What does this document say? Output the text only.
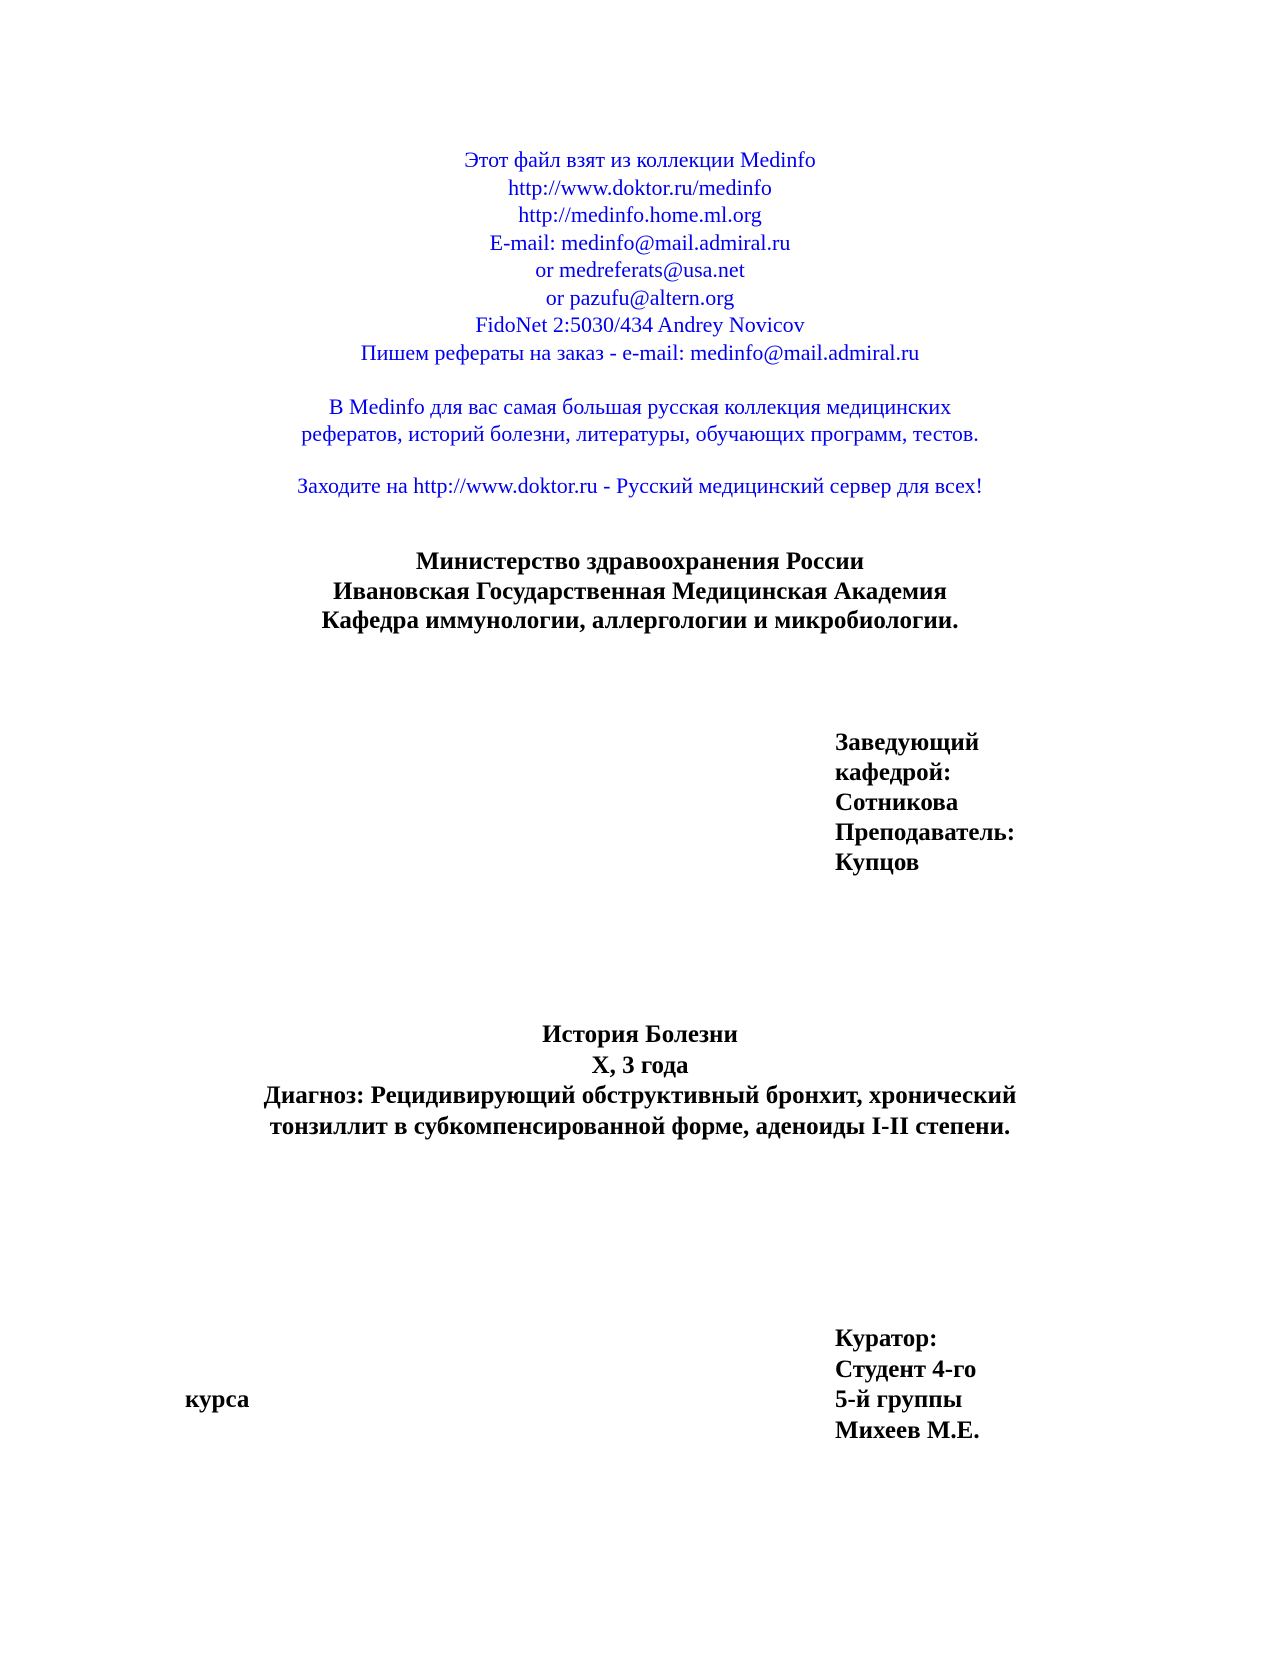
Этот файл взят из коллекции Medinfo
http://www.doktor.ru/medinfo
http://medinfo.home.ml.org
E-mail: medinfo@mail.admiral.ru
or medreferats@usa.net
or pazufu@altern.org
FidoNet 2:5030/434 Andrey Novicov
Пишем рефераты на заказ - e-mail: medinfo@mail.admiral.ru
В Medinfo для вас самая большая русская коллекция медицинских
рефератов, историй болезни, литературы, обучающих программ, тестов.
Заходите на http://www.doktor.ru - Русский медицинский сервер для всех!
Министерство здравоохранения России
Ивановская Государственная Медицинская Академия
Кафедра иммунологии, аллергологии и микробиологии.
Заведующий
кафедрой:
Сотникова
Преподаватель:
Купцов
История Болезни
Х, 3 года
Диагноз: Рецидивирующий обструктивный бронхит, хронический
тонзиллит в субкомпенсированной форме, аденоиды I-II степени.
Куратор:
Студент 4-го
5-й группы
Михеев М.Е.
курса
